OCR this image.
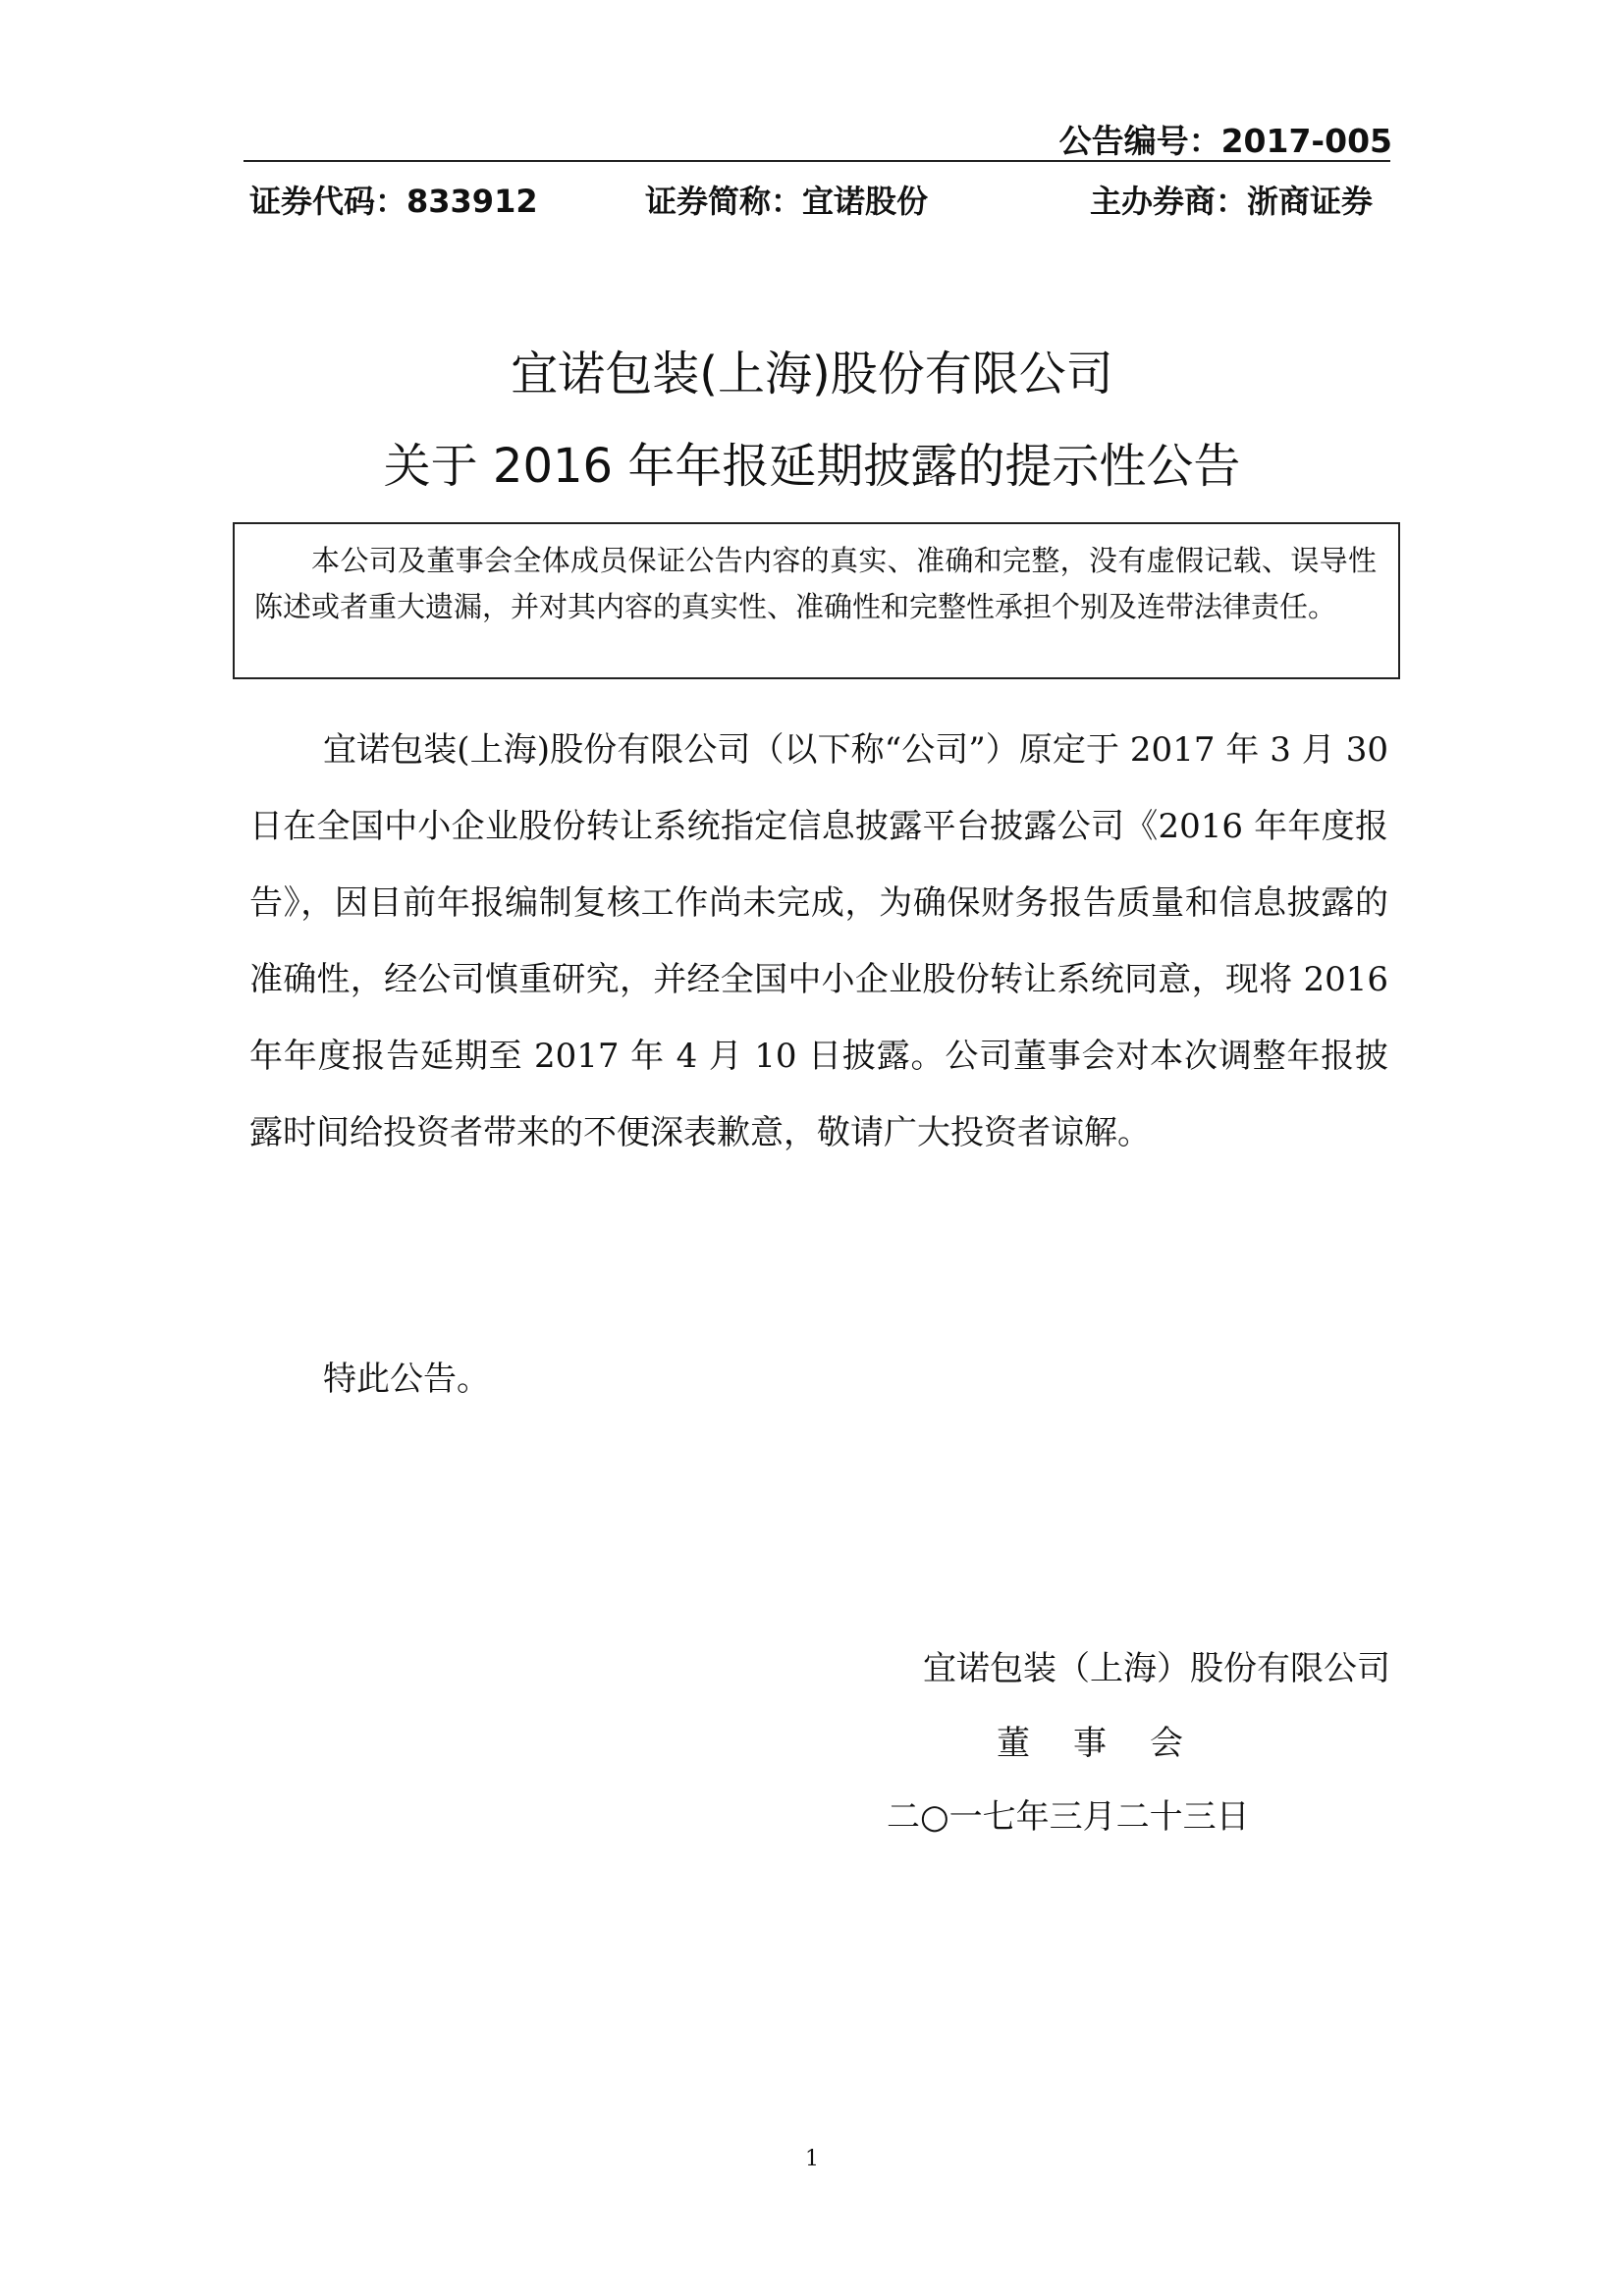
公告编号：2017-005
证券代码：833912	证券简称：宜诺股份	主办券商：浙商证券
宜诺包装(上海)股份有限公司
关于 2016 年年报延期披露的提示性公告
本公司及董事会全体成员保证公告内容的真实、准确和完整，没有虚假记载、误导性陈述或者重大遗漏，并对其内容的真实性、准确性和完整性承担个别及连带法律责任。
宜诺包装(上海)股份有限公司（以下称“公司”）原定于 2017 年 3 月 30 日在全国中小企业股份转让系统指定信息披露平台披露公司《2016 年年度报告》，因目前年报编制复核工作尚未完成，为确保财务报告质量和信息披露的准确性，经公司慎重研究，并经全国中小企业股份转让系统同意，现将 2016 年年度报告延期至 2017 年 4 月 10 日披露。公司董事会对本次调整年报披露时间给投资者带来的不便深表歉意，敬请广大投资者谅解。
特此公告。
宜诺包装（上海）股份有限公司
董事会
二○一七年三月二十三日
1
